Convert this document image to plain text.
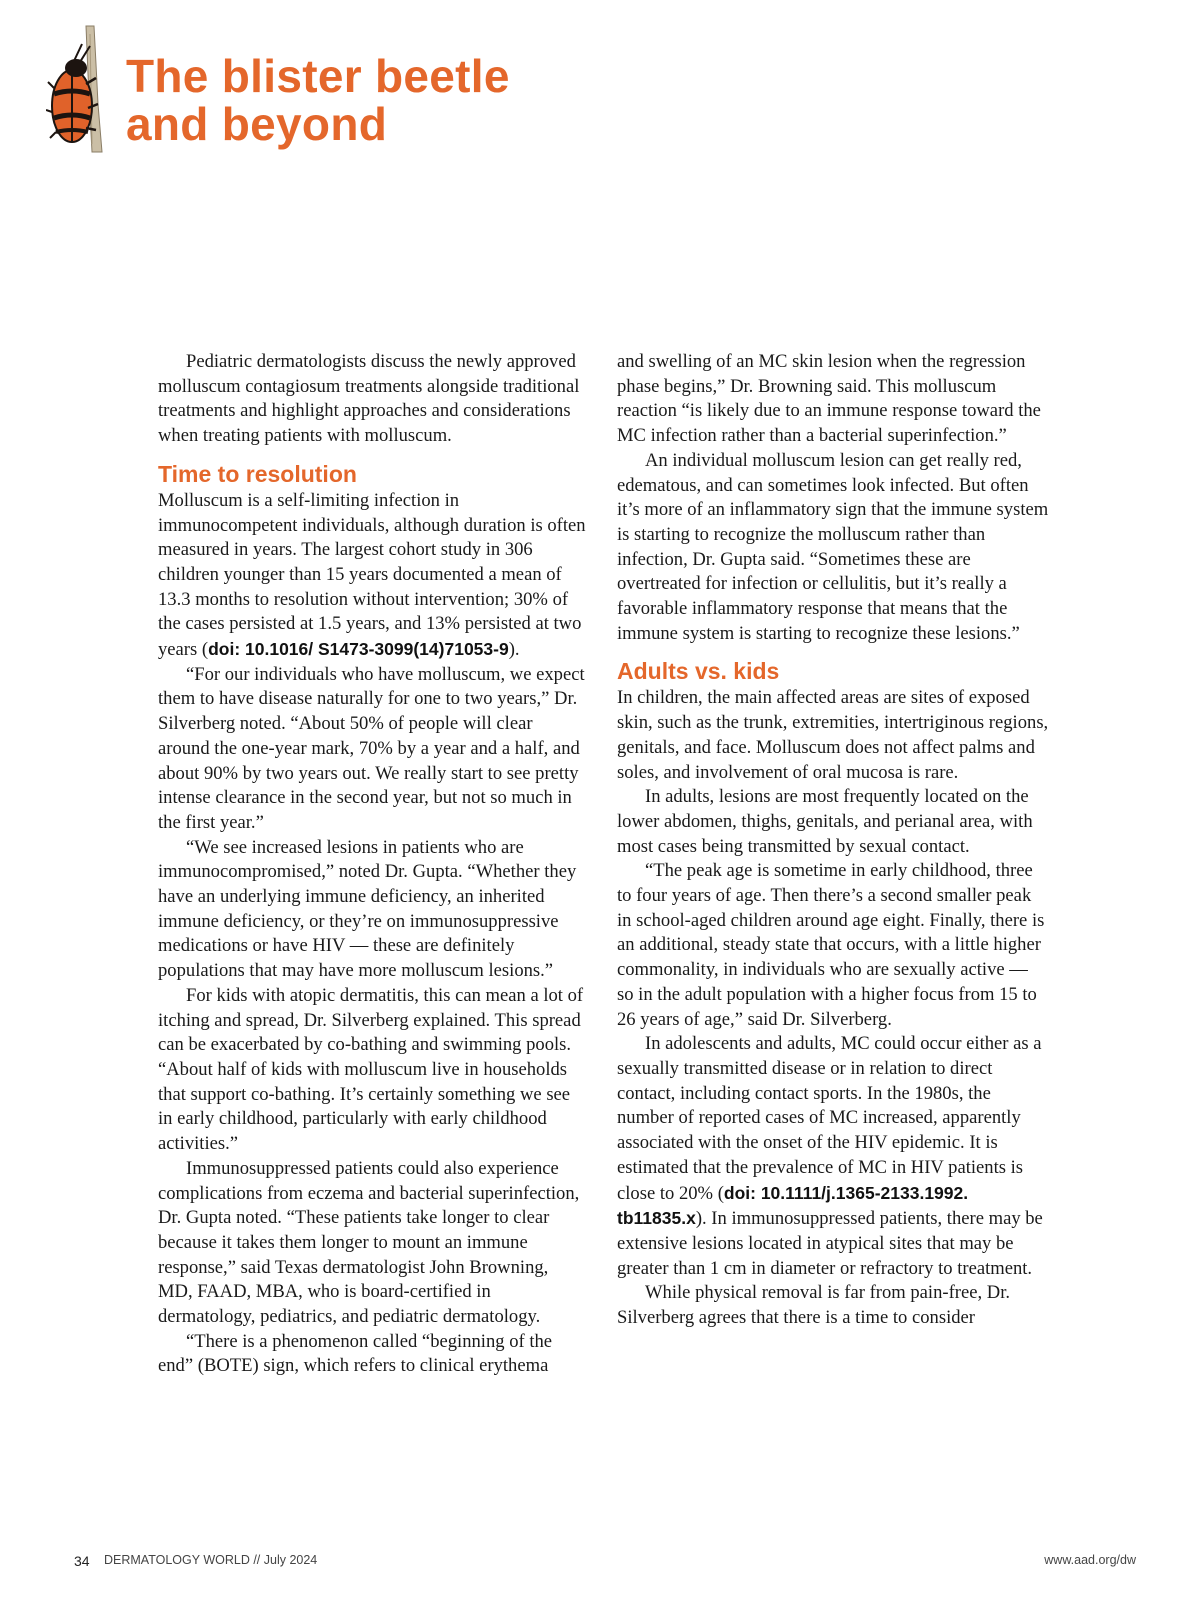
The blister beetle
and beyond

Pediatric dermatologists discuss the newly approved molluscum contagiosum treatments alongside traditional treatments and highlight approaches and considerations when treating patients with molluscum.

Time to resolution

Molluscum is a self-limiting infection in immunocompetent individuals, although duration is often measured in years. The largest cohort study in 306 children younger than 15 years documented a mean of 13.3 months to resolution without intervention; 30% of the cases persisted at 1.5 years, and 13% persisted at two years (doi: 10.1016/ S1473-3099(14)71053-9).

“For our individuals who have molluscum, we expect them to have disease naturally for one to two years,” Dr. Silverberg noted. “About 50% of people will clear around the one-year mark, 70% by a year and a half, and about 90% by two years out. We really start to see pretty intense clearance in the second year, but not so much in the first year.”

“We see increased lesions in patients who are immunocompromised,” noted Dr. Gupta. “Whether they have an underlying immune deficiency, an inherited immune deficiency, or they’re on immunosuppressive medications or have HIV — these are definitely populations that may have more molluscum lesions.”

For kids with atopic dermatitis, this can mean a lot of itching and spread, Dr. Silverberg explained. This spread can be exacerbated by co-bathing and swimming pools. “About half of kids with molluscum live in households that support co-bathing. It’s certainly something we see in early childhood, particularly with early childhood activities.”

Immunosuppressed patients could also experience complications from eczema and bacterial superinfection, Dr. Gupta noted. “These patients take longer to clear because it takes them longer to mount an immune response,” said Texas dermatologist John Browning, MD, FAAD, MBA, who is board-certified in dermatology, pediatrics, and pediatric dermatology.

“There is a phenomenon called “beginning of the end” (BOTE) sign, which refers to clinical erythema

and swelling of an MC skin lesion when the regression phase begins,” Dr. Browning said. This molluscum reaction “is likely due to an immune response toward the MC infection rather than a bacterial superinfection.”

An individual molluscum lesion can get really red, edematous, and can sometimes look infected. But often it’s more of an inflammatory sign that the immune system is starting to recognize the molluscum rather than infection, Dr. Gupta said. “Sometimes these are overtreated for infection or cellulitis, but it’s really a favorable inflammatory response that means that the immune system is starting to recognize these lesions.”

Adults vs. kids

In children, the main affected areas are sites of exposed skin, such as the trunk, extremities, intertriginous regions, genitals, and face. Molluscum does not affect palms and soles, and involvement of oral mucosa is rare.

In adults, lesions are most frequently located on the lower abdomen, thighs, genitals, and perianal area, with most cases being transmitted by sexual contact.

“The peak age is sometime in early childhood, three to four years of age. Then there’s a second smaller peak in school-aged children around age eight. Finally, there is an additional, steady state that occurs, with a little higher commonality, in individuals who are sexually active — so in the adult population with a higher focus from 15 to 26 years of age,” said Dr. Silverberg.

In adolescents and adults, MC could occur either as a sexually transmitted disease or in relation to direct contact, including contact sports. In the 1980s, the number of reported cases of MC increased, apparently associated with the onset of the HIV epidemic. It is estimated that the prevalence of MC in HIV patients is close to 20% (doi: 10.1111/j.1365-2133.1992. tb11835.x). In immunosuppressed patients, there may be extensive lesions located in atypical sites that may be greater than 1 cm in diameter or refractory to treatment.

While physical removal is far from pain-free, Dr. Silverberg agrees that there is a time to consider

34 DERMATOLOGY WORLD // July 2024	www.aad.org/dw
